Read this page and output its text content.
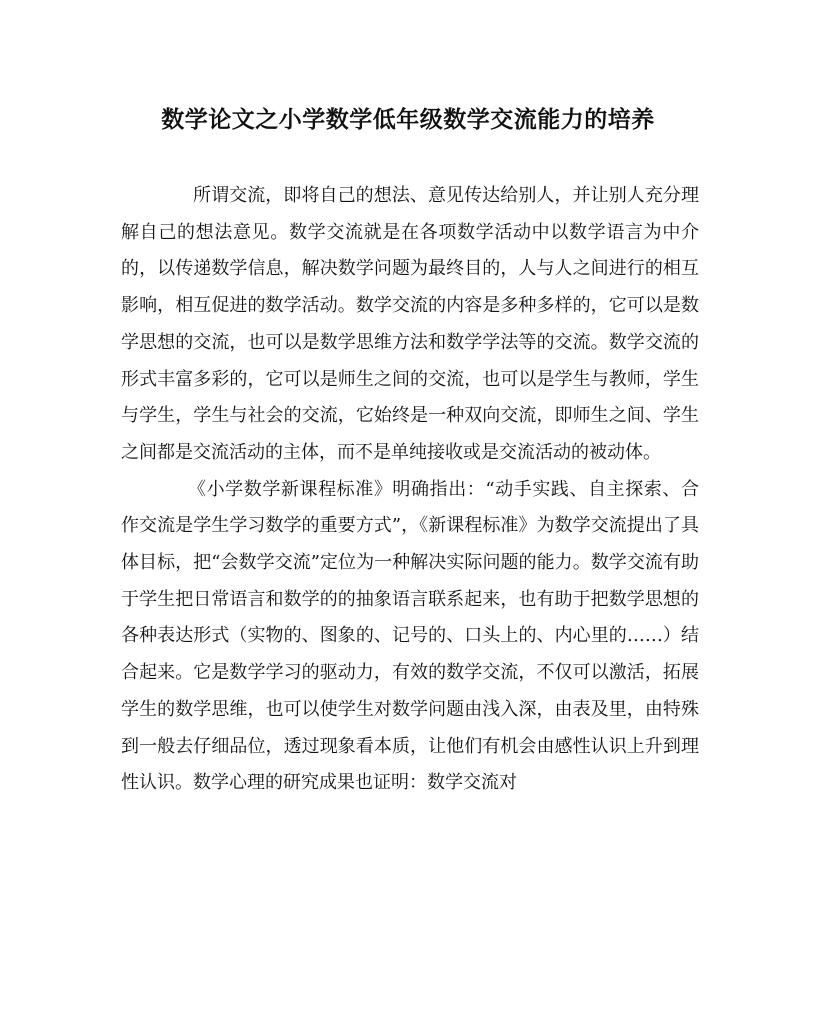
数学论文之小学数学低年级数学交流能力的培养

所谓交流，即将自己的想法、意见传达给别人，并让别人充分理解自己的想法意见。数学交流就是在各项数学活动中以数学语言为中介的，以传递数学信息，解决数学问题为最终目的，人与人之间进行的相互影响，相互促进的数学活动。数学交流的内容是多种多样的，它可以是数学思想的交流，也可以是数学思维方法和数学学法等的交流。数学交流的形式丰富多彩的，它可以是师生之间的交流，也可以是学生与教师，学生与学生，学生与社会的交流，它始终是一种双向交流，即师生之间、学生之间都是交流活动的主体，而不是单纯接收或是交流活动的被动体。

《小学数学新课程标准》明确指出：“动手实践、自主探索、合作交流是学生学习数学的重要方式”，《新课程标准》为数学交流提出了具体目标，把“会数学交流”定位为一种解决实际问题的能力。数学交流有助于学生把日常语言和数学的的抽象语言联系起来，也有助于把数学思想的各种表达形式（实物的、图象的、记号的、口头上的、内心里的……）结合起来。它是数学学习的驱动力，有效的数学交流，不仅可以激活，拓展学生的数学思维，也可以使学生对数学问题由浅入深，由表及里，由特殊到一般去仔细品位，透过现象看本质，让他们有机会由感性认识上升到理性认识。数学心理的研究成果也证明：数学交流对
